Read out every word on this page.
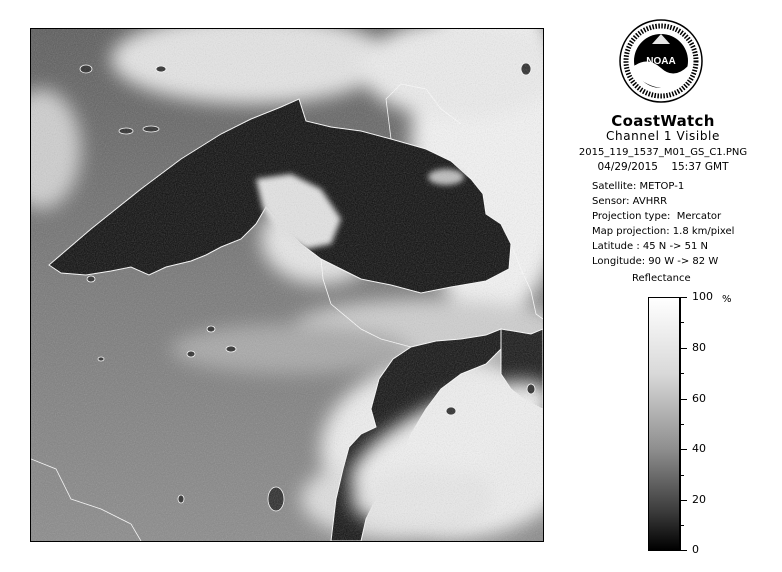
NOAA
CoastWatch
Channel 1 Visible
2015_119_1537_M01_GS_C1.PNG
04/29/2015    15:37 GMT
Satellite: METOP-1
Sensor: AVHRR
Projection type:  Mercator
Map projection: 1.8 km/pixel
Latitude : 45 N -> 51 N
Longitude: 90 W -> 82 W
Reflectance
%
100
80
60
40
20
0
